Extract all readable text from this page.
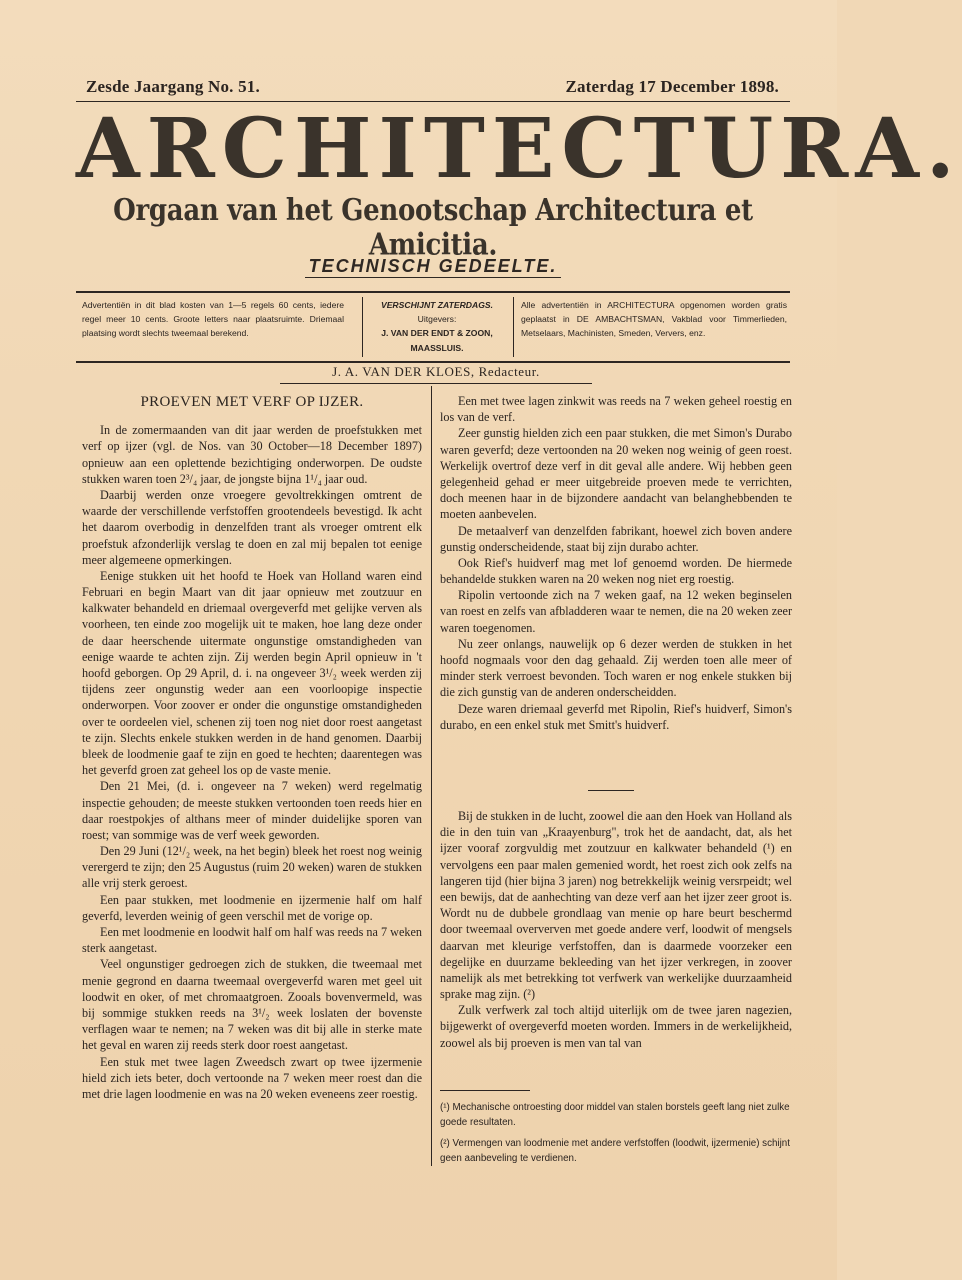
Zesde Jaargang No. 51.	Zaterdag 17 December 1898.
ARCHITECTURA.
Orgaan van het Genootschap Architectura et Amicitia.
TECHNISCH GEDEELTE.
Advertentiën in dit blad kosten van 1—5 regels 60 cents, iedere regel meer 10 cents. Groote letters naar plaatsruimte. Driemaal plaatsing wordt slechts tweemaal berekend.
VERSCHIJNT ZATERDAGS.
Uitgevers:
J. VAN DER ENDT & ZOON,
MAASSLUIS.
Alle advertentiën in ARCHITECTURA opgenomen worden gratis geplaatst in DE AMBACHTSMAN, Vakblad voor Timmerlieden, Metselaars, Machinisten, Smeden, Ververs, enz.
J. A. VAN DER KLOES, Redacteur.

PROEVEN MET VERF OP IJZER.

In de zomermaanden van dit jaar werden de proefstukken met verf op ijzer (vgl. de Nos. van 30 October—18 December 1897) opnieuw aan een oplettende bezichtiging onderworpen. De oudste stukken waren toen 2³/₄ jaar, de jongste bijna 1¹/₄ jaar oud.

Daarbij werden onze vroegere gevoltrekkingen omtrent de waarde der verschillende verfstoffen grootendeels bevestigd. Ik acht het daarom overbodig in denzelfden trant als vroeger omtrent elk proefstuk afzonderlijk verslag te doen en zal mij bepalen tot eenige meer algemeene opmerkingen.

Eenige stukken uit het hoofd te Hoek van Holland waren eind Februari en begin Maart van dit jaar opnieuw met zoutzuur en kalkwater behandeld en driemaal overgeverfd met gelijke verven als voorheen, ten einde zoo mogelijk uit te maken, hoe lang deze onder de daar heerschende uitermate ongunstige omstandigheden van eenige waarde te achten zijn. Zij werden begin April opnieuw in 't hoofd geborgen. Op 29 April, d. i. na ongeveer 3¹/₂ week werden zij tijdens zeer ongunstig weder aan een voorloopige inspectie onderworpen. Voor zoover er onder die ongunstige omstandigheden over te oordeelen viel, schenen zij toen nog niet door roest aangetast te zijn. Slechts enkele stukken werden in de hand genomen. Daarbij bleek de loodmenie gaaf te zijn en goed te hechten; daarentegen was het geverfd groen zat geheel los op de vaste menie.

Den 21 Mei, (d. i. ongeveer na 7 weken) werd regelmatig inspectie gehouden; de meeste stukken vertoonden toen reeds hier en daar roestpokjes of althans meer of minder duidelijke sporen van roest; van sommige was de verf week geworden.

Den 29 Juni (12¹/₂ week, na het begin) bleek het roest nog weinig verergerd te zijn; den 25 Augustus (ruim 20 weken) waren de stukken alle vrij sterk geroest.

Een paar stukken, met loodmenie en ijzermenie half om half geverfd, leverden weinig of geen verschil met de vorige op.

Een met loodmenie en loodwit half om half was reeds na 7 weken sterk aangetast.

Veel ongunstiger gedroegen zich de stukken, die tweemaal met menie gegrond en daarna tweemaal overgeverfd waren met geel uit loodwit en oker, of met chromaatgroen. Zooals bovenvermeld, was bij sommige stukken reeds na 3¹/₂ week loslaten der bovenste verflagen waar te nemen; na 7 weken was dit bij alle in sterke mate het geval en waren zij reeds sterk door roest aangetast.

Een stuk met twee lagen Zweedsch zwart op twee ijzermenie hield zich iets beter, doch vertoonde na 7 weken meer roest dan die met drie lagen loodmenie en was na 20 weken eveneens zeer roestig.

Een met twee lagen zinkwit was reeds na 7 weken geheel roestig en los van de verf.

Zeer gunstig hielden zich een paar stukken, die met Simon's Durabo waren geverfd; deze vertoonden na 20 weken nog weinig of geen roest. Werkelijk overtrof deze verf in dit geval alle andere. Wij hebben geen gelegenheid gehad er meer uitgebreide proeven mede te verrichten, doch meenen haar in de bijzondere aandacht van belanghebbenden te moeten aanbevelen.

De metaalverf van denzelfden fabrikant, hoewel zich boven andere gunstig onderscheidende, staat bij zijn durabo achter.

Ook Rief's huidverf mag met lof genoemd worden. De hiermede behandelde stukken waren na 20 weken nog niet erg roestig.

Ripolin vertoonde zich na 7 weken gaaf, na 12 weken beginselen van roest en zelfs van afbladderen waar te nemen, die na 20 weken zeer waren toegenomen.

Nu zeer onlangs, nauwelijk op 6 dezer werden de stukken in het hoofd nogmaals voor den dag gehaald. Zij werden toen alle meer of minder sterk verroest bevonden. Toch waren er nog enkele stukken bij die zich gunstig van de anderen onderscheidden.

Deze waren driemaal geverfd met Ripolin, Rief's huidverf, Simon's durabo, en een enkel stuk met Smitt's huidverf.

Bij de stukken in de lucht, zoowel die aan den Hoek van Holland als die in den tuin van „Kraayenburg", trok het de aandacht, dat, als het ijzer vooraf zorgvuldig met zoutzuur en kalkwater behandeld (¹) en vervolgens een paar malen gemenied wordt, het roest zich ook zelfs na langeren tijd (hier bijna 3 jaren) nog betrekkelijk weinig versrpeidt; wel een bewijs, dat de aanhechting van deze verf aan het ijzer zeer groot is. Wordt nu de dubbele grondlaag van menie op hare beurt beschermd door tweemaal oververven met goede andere verf, loodwit of mengsels daarvan met kleurige verfstoffen, dan is daarmede voorzeker een degelijke en duurzame bekleeding van het ijzer verkregen, in zoover namelijk als met betrekking tot verfwerk van werkelijke duurzaamheid sprake mag zijn. (²)

Zulk verfwerk zal toch altijd uiterlijk om de twee jaren nagezien, bijgewerkt of overgeverfd moeten worden. Immers in de werkelijkheid, zoowel als bij proeven is men van tal van

(¹) Mechanische ontroesting door middel van stalen borstels geeft lang niet zulke goede resultaten.

(²) Vermengen van loodmenie met andere verfstoffen (loodwit, ijzermenie) schijnt geen aanbeveling te verdienen.
